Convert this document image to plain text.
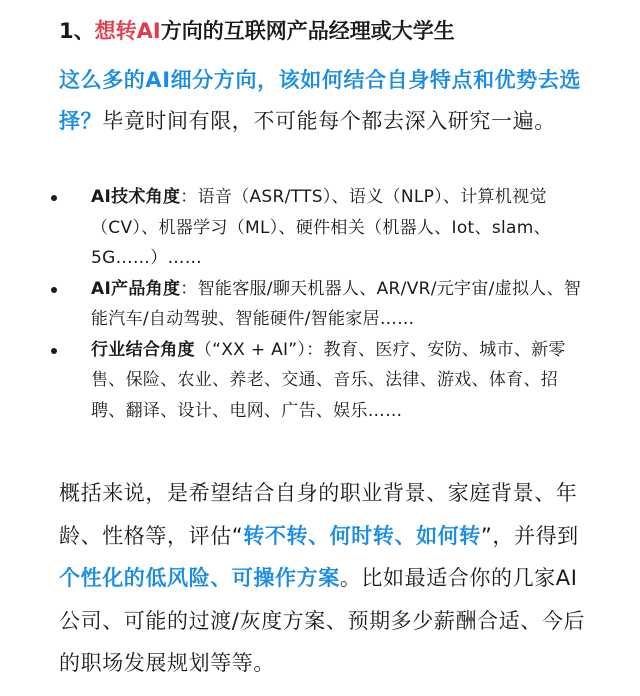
1、想转AI方向的互联网产品经理或大学生
这么多的AI细分方向，该如何结合自身特点和优势去选择？毕竟时间有限，不可能每个都去深入研究一遍。
AI技术角度：语音（ASR/TTS）、语义（NLP）、计算机视觉（CV）、机器学习（ML）、硬件相关（机器人、Iot、slam、5G……）……
AI产品角度：智能客服/聊天机器人、AR/VR/元宇宙/虚拟人、智能汽车/自动驾驶、智能硬件/智能家居……
行业结合角度（“XX + AI”）：教育、医疗、安防、城市、新零售、保险、农业、养老、交通、音乐、法律、游戏、体育、招聘、翻译、设计、电网、广告、娱乐……
概括来说，是希望结合自身的职业背景、家庭背景、年龄、性格等，评估“转不转、何时转、如何转”，并得到个性化的低风险、可操作方案。比如最适合你的几家AI公司、可能的过渡/灰度方案、预期多少薪酬合适、今后的职场发展规划等等。
